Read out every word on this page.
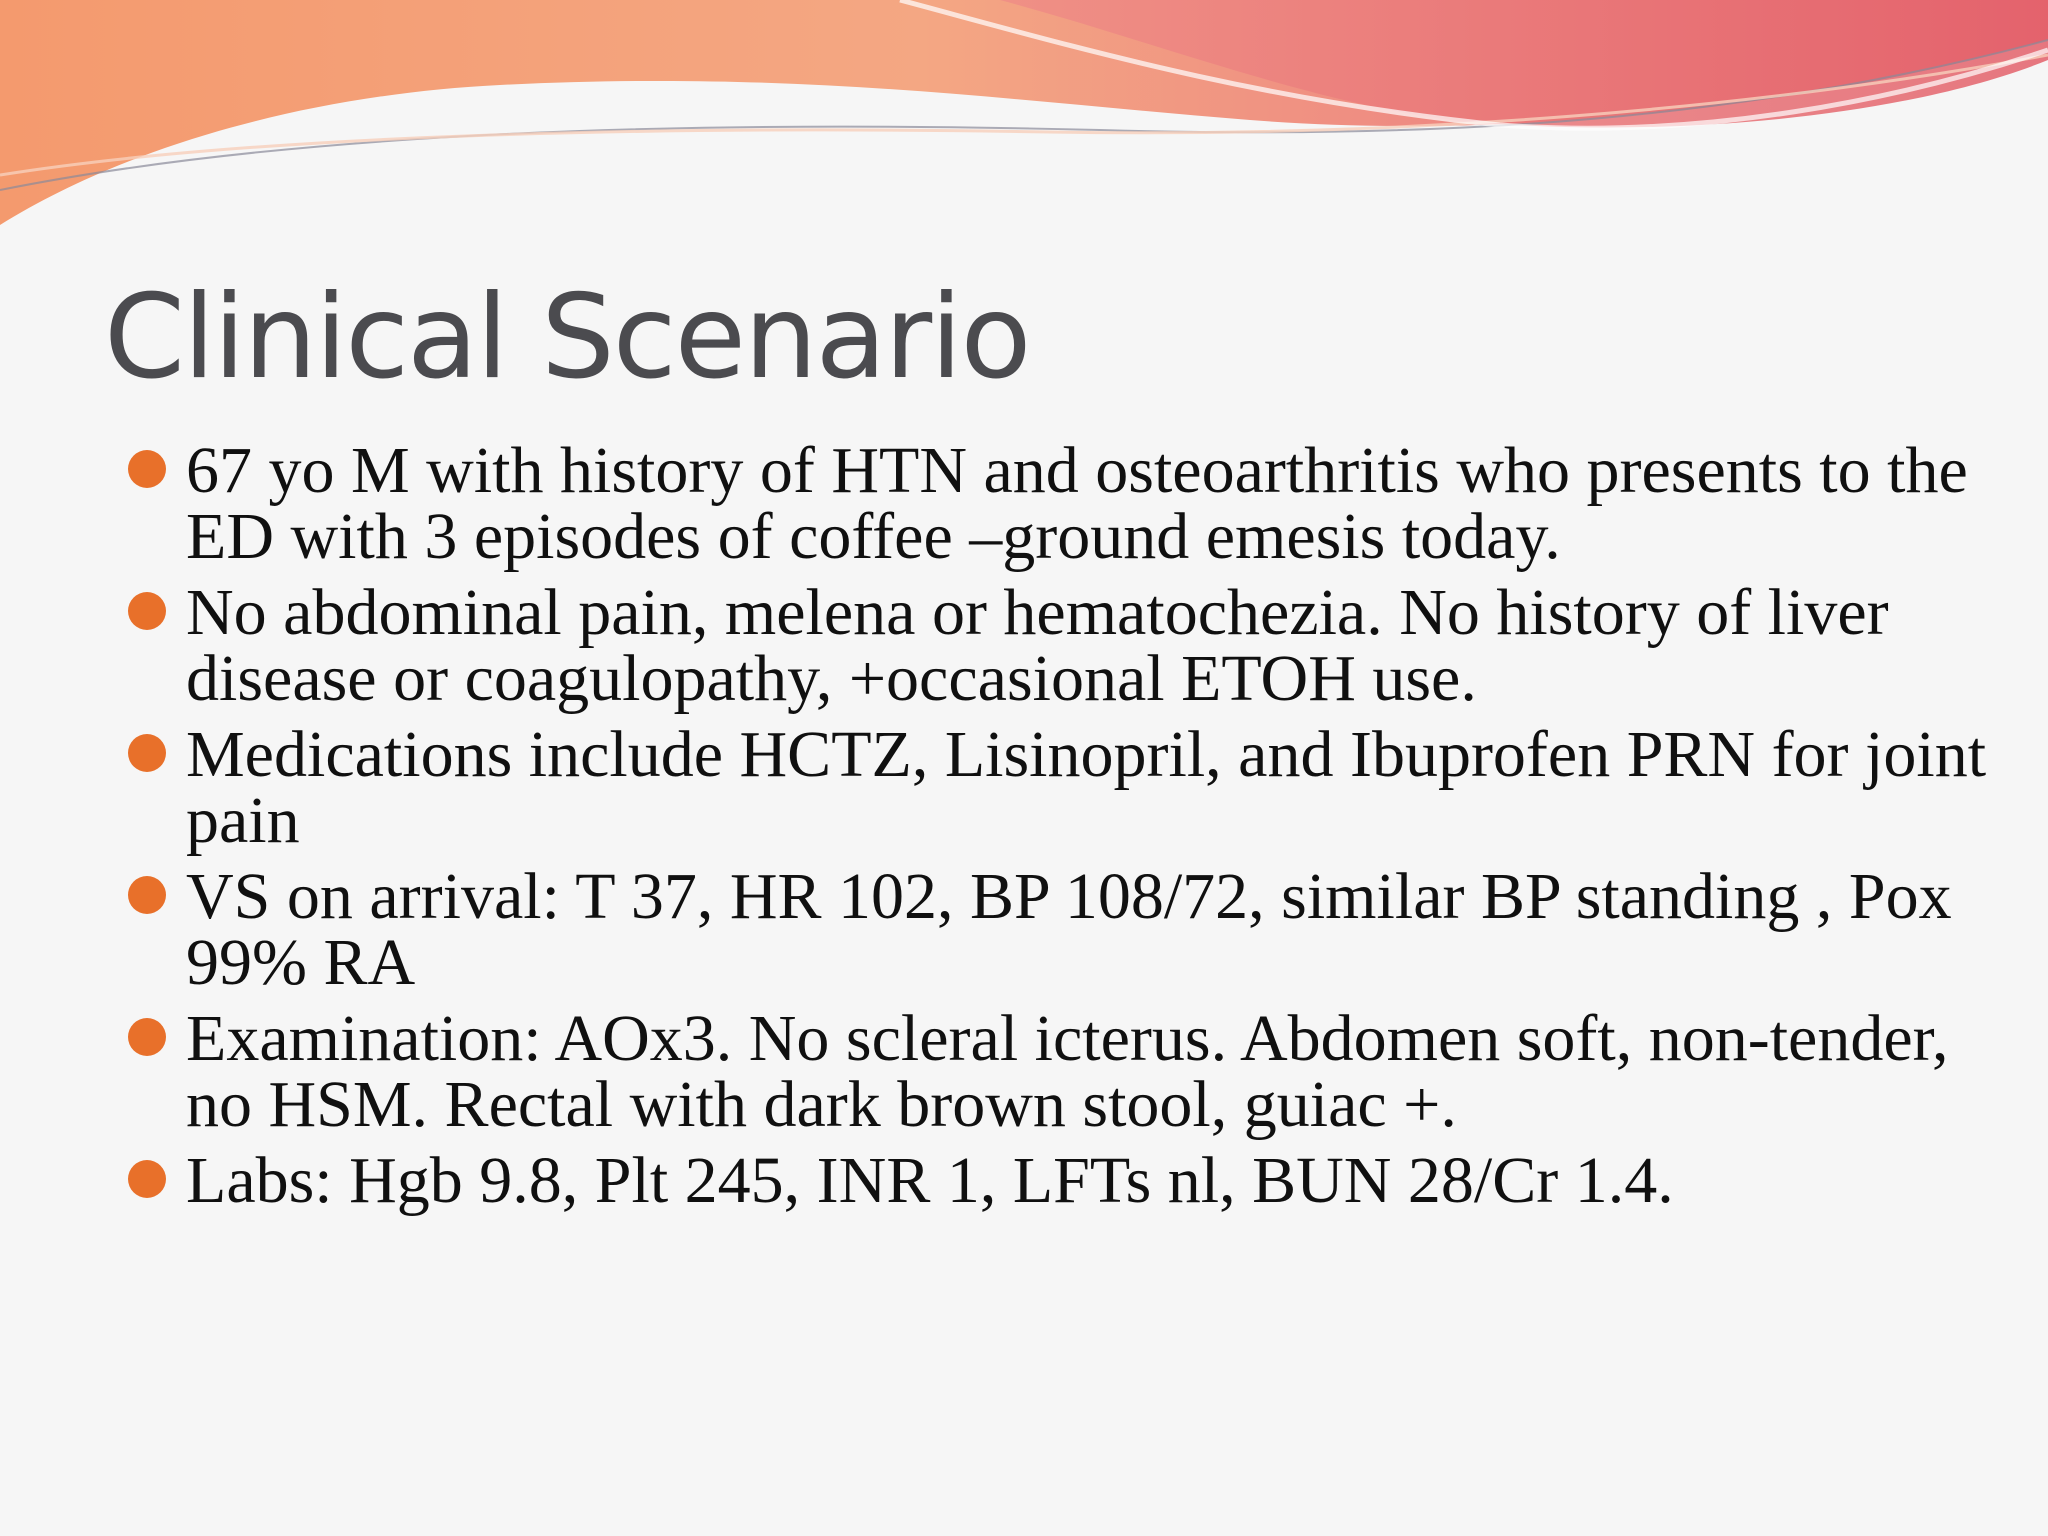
Clinical Scenario
67 yo M with history of HTN and osteoarthritis who presents to the ED with 3 episodes of coffee –ground emesis today.
No abdominal pain, melena or hematochezia. No history of liver disease or coagulopathy, +occasional ETOH use.
Medications include HCTZ, Lisinopril, and Ibuprofen PRN for joint pain
VS on arrival: T 37, HR 102, BP 108/72, similar BP standing , Pox 99% RA
Examination: AOx3. No scleral icterus. Abdomen soft, non-tender, no HSM. Rectal with dark brown stool, guiac +.
Labs: Hgb 9.8, Plt 245, INR 1, LFTs nl, BUN 28/Cr 1.4.
